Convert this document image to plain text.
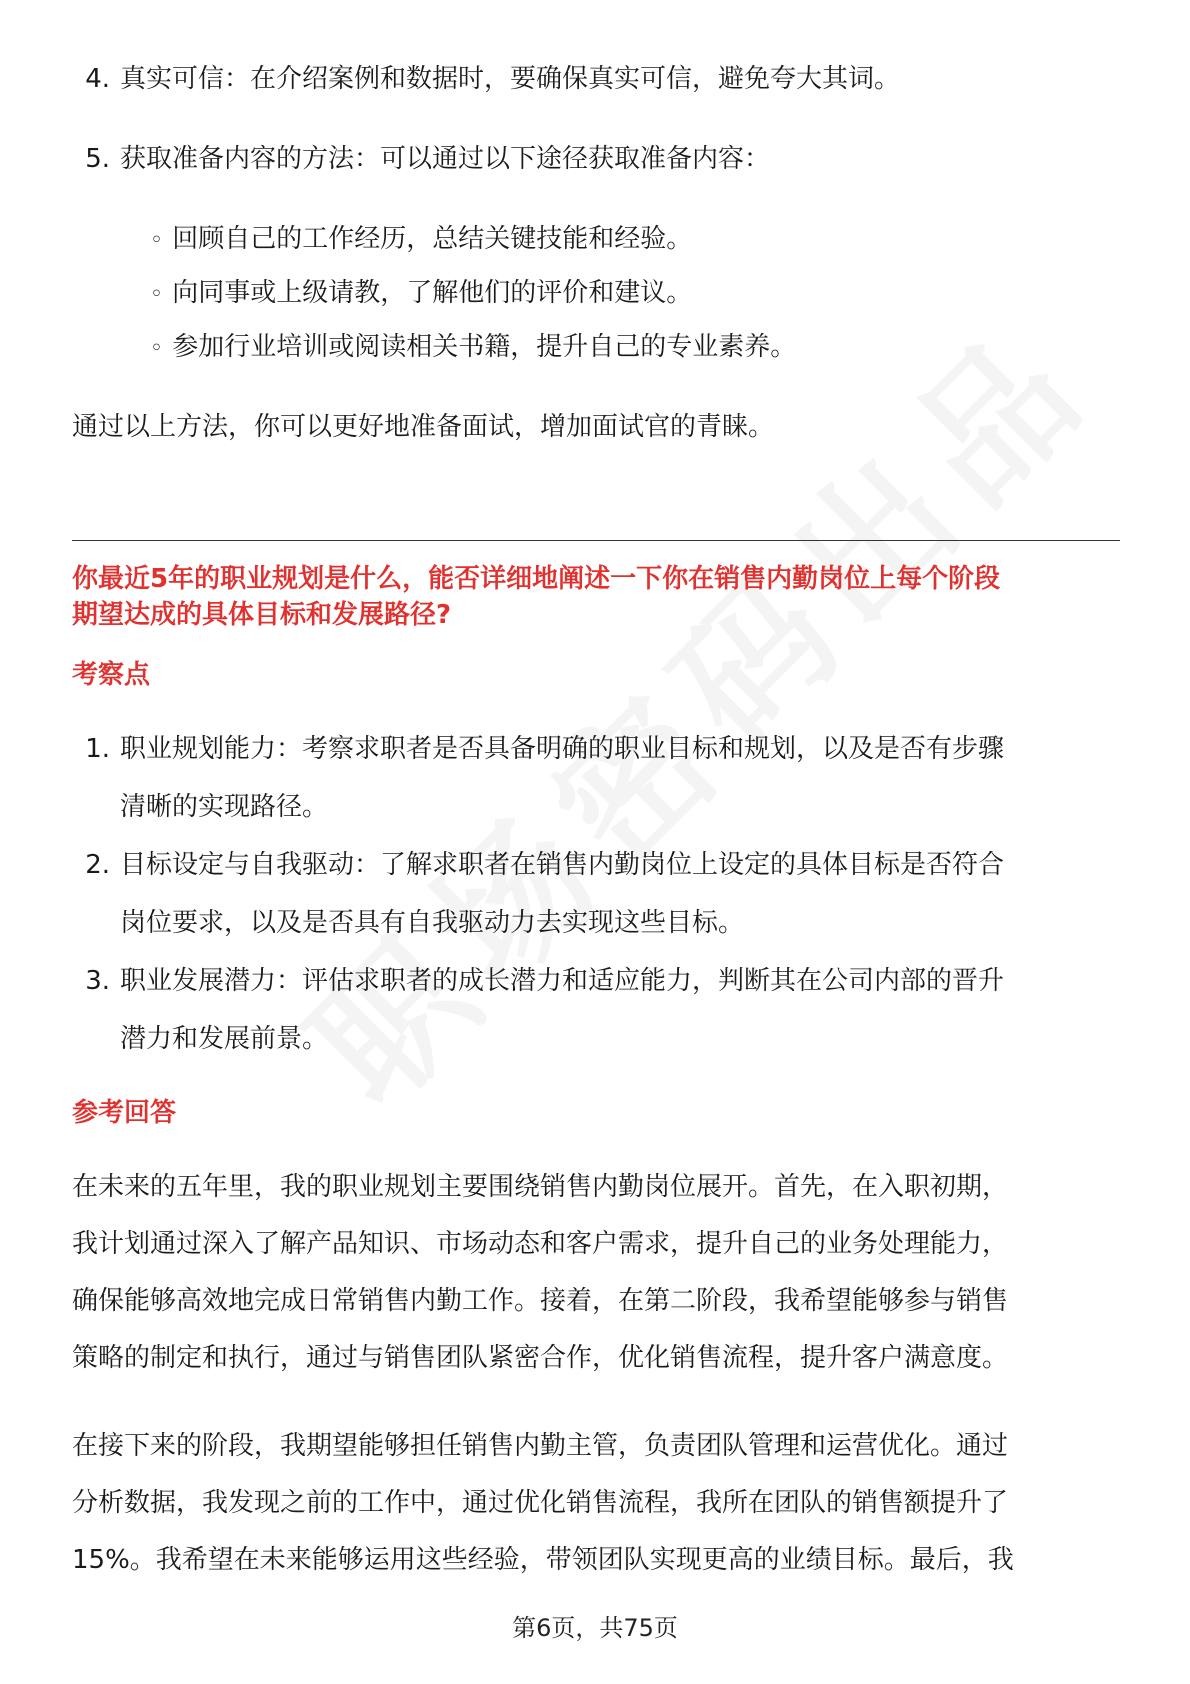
4. 真实可信：在介绍案例和数据时，要确保真实可信，避免夸大其词。
5. 获取准备内容的方法：可以通过以下途径获取准备内容：
◦ 回顾自己的工作经历，总结关键技能和经验。
◦ 向同事或上级请教，了解他们的评价和建议。
◦ 参加行业培训或阅读相关书籍，提升自己的专业素养。
通过以上方法，你可以更好地准备面试，增加面试官的青睐。
你最近5年的职业规划是什么，能否详细地阐述一下你在销售内勤岗位上每个阶段
期望达成的具体目标和发展路径?
考察点
1. 职业规划能力：考察求职者是否具备明确的职业目标和规划，以及是否有步骤
清晰的实现路径。
2. 目标设定与自我驱动：了解求职者在销售内勤岗位上设定的具体目标是否符合
岗位要求，以及是否具有自我驱动力去实现这些目标。
3. 职业发展潜力：评估求职者的成长潜力和适应能力，判断其在公司内部的晋升
潜力和发展前景。
参考回答
在未来的五年里，我的职业规划主要围绕销售内勤岗位展开。首先，在入职初期，
我计划通过深入了解产品知识、市场动态和客户需求，提升自己的业务处理能力，
确保能够高效地完成日常销售内勤工作。接着，在第二阶段，我希望能够参与销售
策略的制定和执行，通过与销售团队紧密合作，优化销售流程，提升客户满意度。
在接下来的阶段，我期望能够担任销售内勤主管，负责团队管理和运营优化。通过
分析数据，我发现之前的工作中，通过优化销售流程，我所在团队的销售额提升了
15%。我希望在未来能够运用这些经验，带领团队实现更高的业绩目标。最后，我
第6页，共75页
